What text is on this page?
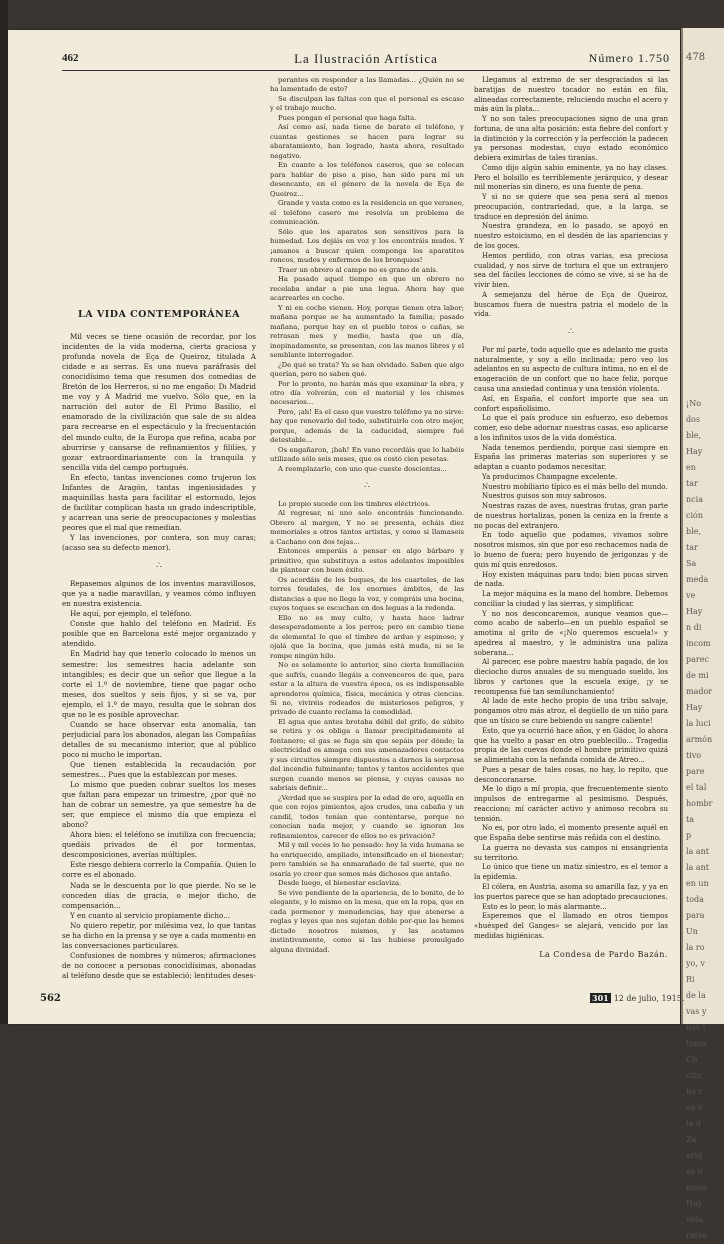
478
¡No
dos
ble,
Hay
en
tar
ncia
ción
ble,
tar
Sa
meda
ve
Hay
n di
incom
parec
de mi
mador
Hay
la luci
armón
tivo
pare
el tal
hombr
ta
p
la ant
la ant
en un
toda
para
Un
la ro
yo, v
Ri
de la
vas y
nas t
toma
Ch
citu
ha r
su v
la d
Za
ariq
es d
maos
Hay
vida
rarse
462	La Ilustración Artística	Número 1.750
LA VIDA CONTEMPORÁNEA

Mil veces se tiene ocasión de recordar, por los incidentes de la vida moderna, cierta graciosa y profunda novela de Eça de Queiroz, titulada A cidade e as serras. Es una nueva paráfrasis del conocidísimo tema que resumen dos comedias de Bretón de los Herreros, si no me engaño: Dı Madrid me voy y A Madrid me vuelvo. Sólo que, en la narración del autor de El Primo Basilio, el enamorado de la civilización que sale de su aldea para recrearse en el espectáculo y la frecuentación del mundo culto, de la Europa que refina, acaba por aburrirse y cansarse de refinamientos y fililíes, y gozar extraordinariamente con la tranquila y sencilla vida del campo portugués.

En efecto, tantas invenciones como trujeron los Infantes de Aragón, tantas ingeniosidades y maquinillas hasta para facilitar el estornudo, lejos de facilitar complican hasta un grado indescriptible, y acarrean una serie de preocupaciones y molestias peores que el mal que remedian.

Y las invenciones, por contera, son muy caras; (acaso sea su defecto menor).

∴

Repasemos algunos de los inventos maravillosos, que ya a nadie maravillan, y veamos cómo influyen en nuestra existencia.

He aquí, por ejemplo, el teléfono.

Conste que hablo del teléfono en Madrid. Es posible que en Barcelona esté mejor organizado y atendido.

En Madrid hay que tenerlo colocado lo menos un semestre: los semestres hacia adelante son intangibles; es decir que un señor que llegue a la corte el 1.º de noviembre, tiene que pagar ocho meses, dos sueltos y seis fijos, y si se va, por ejemplo, el 1.º de mayo, resulta que le sobran dos que no le es posible aprovechar.

Cuando se hace observar esta anomalía, tan perjudicial para los abonados, alegan las Compañías detalles de su mecanismo interior, que al público poco ni mucho le importan.

Que tienen establecida la recaudación por semestres... Pues que la establezcan por meses.

Lo mismo que pueden cobrar sueltos los meses que faltan para empezar un trimestre, ¿por qué no han de cobrar un semestre, ya que semestre ha de ser, que empiece el mismo día que empieza el abono?

Ahora bien: el teléfono se inutiliza con frecuencia; quedáis privados de él por tormentas, descomposiciones, averías múltiples.

Este riesgo debiera correrlo la Compañía. Quien lo corre es el abonado.

Nada se le descuenta por lo que pierde. No se le conceden días de gracia, o mejor dicho, de compensación...

Y en cuanto al servicio propiamente dicho...

No quiero repetir, por milésima vez, lo que tantas se ha dicho en la prensa y se oye a cada momento en las conversaciones particulares.

Confusiones de nombres y números; afirmaciones de no conocer a personas conocidísimas, abonadas al teléfono desde que se estableció; lentitudes deses-

perantes en responder a las llamadas... ¿Quién no se ha lamentado de esto?

Se disculpan las faltas con que el personal es escaso y el trabajo mucho.

Pues pongan el personal que haga falta.

Así como así, nada tiene de barato el teléfono, y cuantas gestiones se hacen para lograr su abaratamiento, han logrado, hasta ahora, resultado negativo.

En cuanto a los teléfonos caseros, que se colocan para hablar de piso a piso, han sido para mí un desencanto, en el género de la novela de Eça de Queiroz...

Grande y vasta como es la residencia en que veraneo, el teléfono casero me resolvía un problema de comunicación.

Sólo que los aparatos son sensitivos para la humedad. Los dejáis en voz y los encontráis mudos. Y ¡amanos a buscar quien componga los aparatitos roncos, mudos y enfermos de los bronquios!

Traer un obrero al campo no es grano de anís.

Ha pasado aquel tiempo en que un obrero no recelaba andar a pie una legua. Ahora hay que acarrearles en coche.

Y ni en coche vienen. Hoy, porque tienen otra labor; mañana porque se ha aumentado la familia; pasado mañana, porque hay en el pueblo toros o cañas, se retrasan mes y medio, hasta que un día, inopinadamente, se presentan, con las manos libres y el semblante interrogador.

¿De qué se trata? Ya se han olvidado. Saben que algo querían, pero no saben qué.

Por lo pronto, no harán más que examinar la obra, y otro día volverán, con el material y los chismes necesarios...

Pero, ¡ah! Es el caso que vuestro teléfono ya no sirve: hay que renovarlo del todo, substituirlo con otro mejor, porque, además de la caducidad, siempre fué detestable...

Os engañaron, ¡bah! En vano recordáis que lo habéis utilizado sólo seis meses, que os costó cien pesetas.

A reemplazarlo, con uno que cueste doscientas...

∴

Lo propio sucede con los timbres eléctricos.

Al regresar, ni uno solo encontráis funcionando. Obrero al margen, Y no se presenta, echáis diez memoriales a otros tantos artistas, y como si llamaseis a Cachano con dos tejas...

Entonces emperáis a pensar en algo bárbaro y primitivo, que substituya a estos adelantos imposibles de plantear con buen éxito.

Os acordáis de los buques, de los cuarteles, de las torres feudales, de los enormes ámbitos, de las distancias a que no llega la voz, y compráis una bocina, cuyos toques se escuchan en dos leguas a la redonda.

Ello no es muy culto, y hasta hace ladrar desesperadamente a los perros; pero en cambio tiene de elemental lo que el timbre de arduo y espinoso; y ojalá que la bocina, que jamás está muda, ni se le rompe ningún hilo.

No es solamente lo anterior, sino cierta humillación que sufrís, cuando llegáis a convenceros de que, para estar a la altura de vuestra época, os es indispensable aprenderos química, física, mecánica y otras ciencias. Si no, viviréis rodeados de misteriosos peligros, y privado de cuanto reclama la comodidad.

El agua que antes brotaba débil del grifo, de súbito se retira y os obliga a llamar precipitadamente al fontanero; el gas se fuga sin que sepáis por dónde; la electricidad os amaga con sus amenazadores contactos y sus circuitos siempre dispuestos a darnos la sorpresa del incendio fulminante; tantos y tantos accidentes que surgen cuando menos se piensa, y cuyas causas no sabríais definir...

¿Verdad que se suspira por la edad de oro, aquella en que con rojos pimientos, ajos crudos, una cabaña y un candil, todos tenían que contentarse, porque no conocían nada mejor, y cuando se ignoran los refinamientos, carecer de ellos no es privación?

Mil y mil veces lo he pensado: hoy la vida humana se ha enriquecido, ampliado, intensificado en el bienestar; pero también se ha enmarañado de tal suerte, que no osaría yo creer que somos más dichosos que antaño.

Desde luego, el bienestar esclaviza.

Se vive pendiente de la apariencia, de lo bonito, de lo elegante, y lo mismo en la mesa, que en la ropa, que en cada pormenor y menudencias, hay que atenerse a reglas y leyes que nos sujetan doble por-que las hemos dictado nosotros mismos, y las acatamos instintivamente, como si las hubiese promulgado alguna divinidad.

Llegamos al extremo de ser desgraciados si las baratijas de nuestro tocador no están en fila, alineadas correctamente, reluciendo mucho el acero y más aún la plata...

Y no son tales preocupaciones signo de una gran fortuna, de una alta posición: esta fiebre del confort y la distinción y la corrección y la perfección la padecen ya personas modestas, cuyo estado económico debiera eximirlas de tales tiranías.

Como dijo algún sabio eminente, ya no hay clases. Pero el bolsillo es terriblemente jerárquico, y desear mil monerías sin dinero, es una fuente de pena.

Y si no se quiere que sea pena será al menos preocupación, contrariedad, que, a la larga, se traduce en depresión del ánimo.

Nuestra grandeza, en lo pasado, se apoyó en nuestro estoicismo, en el desdén de las apariencias y de los goces.

Hemos perdido, con otras varias, esa preciosa cualidad, y nos sirve de tortura el que un extranjero sea del fáciles lecciones de cómo se vive, si se ha de vivir bien.

A semejanza del héroe de Eça de Queiroz, buscamos fuera de nuestra patria el modelo de la vida.

∴

Por mí parte, todo aquello que es adelanto me gusta naturalmente, y soy a ello inclinada; pero veo los adelantos en su aspecto de cultura íntima, no en el de exageración de un confort que no hace feliz, porque causa una ansiedad continua y una tensión violenta.

Así, en España, el confort importe que sea un confort españolísimo.

Lo que el país produce sin esfuerzo, eso debemos comer, eso debe adornar nuestras casas, eso aplicarse a los infinitos usos de la vida doméstica.

Nada tenemos perdiendo, porque casi siempre en España las primeras materias son superiores y se adaptan a cuanto podamos necesitar.

Ya producimos Champagne excelente.

Nuestro mobiliario típico es el más bello del mundo.

Nuestros guisos son muy sabrosos.

Nuestras razas de aves, nuestras frutas, gran parte de nuestras hortalizas, ponen la ceniza en la frente a no pocas del extranjero.

En todo aquello que podamos, vivamos sobre nosotros mismos, sin que por eso rechacemos nada de lo bueno de fuera; pero huyendo de jerigonzas y de quis mí quis enredosos.

Hoy existen máquinas para todo; bien pocas sirven de nada.

La mejor máquina es la mano del hombre. Debemos conciliar la ciudad y las sierras, y simplificar.

Y no nos desconcaremos, aunque veamos que—como acabo de saberlo—en un pueblo español se amotina al grito de «¡No queremos escuela!» y apedrea al maestro, y le administra una paliza soberana...

Al parecer, ese pobre maestro había pagado, de los dieciocho duros anuales de su menguado sueldo, los libros y cartones que la escuela exige, ¡y se recompensa fué tan semilunchamiento!

Al lado de este hecho propio de una tribu salvaje, pongamos otro más atroz, el degüello de un niño para que un tísico se cure bebiendo su sangre caliente!

Esto, que ya ocurrió hace años, y en Gádor, lo ahora que ha vuelto a pasar en otro pueblecillo... Tragedia propia de las cuevas donde el hombre primitivo quizá se alimentaba con la nefanda comida de Atreo...

Pues a pesar de tales cosas, no hay, lo repito, que desconcoranarse.

Me lo digo a mí propia, que frecuentemente siento impulsos de entregarme al pesimismo. Después, reacciono; mí carácter activo y animoso recobra su tensión.

No es, por otro lado, el momento presente aquél en que España debe sentirse más reñida con el destino.

La guerra no devasta sus campos ni ensangrienta su territorio.

Lo único que tiene un matiz siniestro, es el temor a la epidemia.

El cólera, en Austria, asoma su amarilla faz, y ya en los puertos parece que se han adoptado precauciones.

Esto es lo peor, lo más alarmante...

Esperemos que el llamado en otros tiempos «huésped del Ganges» se alejará, vencido por las medidas higiénicas.

La Condesa de Pardo Bazán.
562	301 12 de julio, 1915.
